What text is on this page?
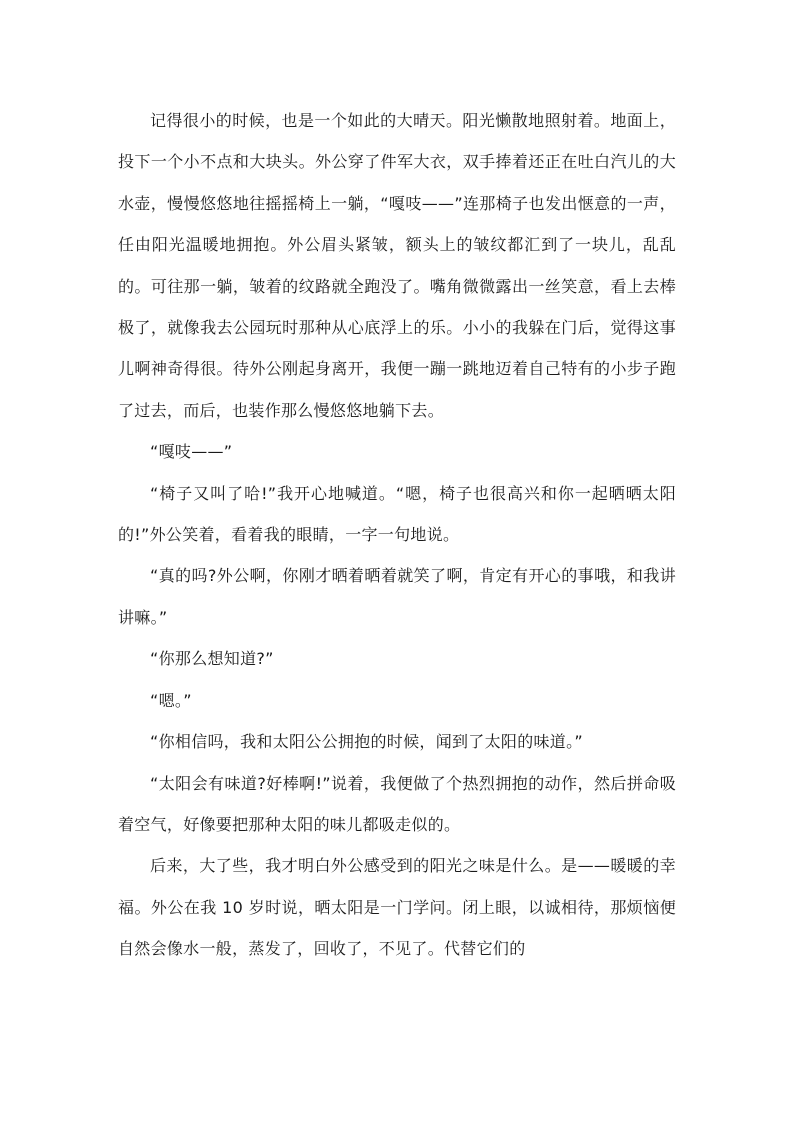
记得很小的时候，也是一个如此的大晴天。阳光懒散地照射着。地面上，投下一个小不点和大块头。外公穿了件军大衣，双手捧着还正在吐白汽儿的大水壶，慢慢悠悠地往摇摇椅上一躺，“嘎吱——”连那椅子也发出惬意的一声，任由阳光温暖地拥抱。外公眉头紧皱，额头上的皱纹都汇到了一块儿，乱乱的。可往那一躺，皱着的纹路就全跑没了。嘴角微微露出一丝笑意，看上去棒极了，就像我去公园玩时那种从心底浮上的乐。小小的我躲在门后，觉得这事儿啊神奇得很。待外公刚起身离开，我便一蹦一跳地迈着自己特有的小步子跑了过去，而后，也装作那么慢悠悠地躺下去。

“嘎吱——”

“椅子又叫了哈!”我开心地喊道。“嗯，椅子也很高兴和你一起晒晒太阳的!”外公笑着，看着我的眼睛，一字一句地说。

“真的吗?外公啊，你刚才晒着晒着就笑了啊，肯定有开心的事哦，和我讲讲嘛。”

“你那么想知道?”

“嗯。”

“你相信吗，我和太阳公公拥抱的时候，闻到了太阳的味道。”

“太阳会有味道?好棒啊!”说着，我便做了个热烈拥抱的动作，然后拼命吸着空气，好像要把那种太阳的味儿都吸走似的。

后来，大了些，我才明白外公感受到的阳光之味是什么。是——暖暖的幸福。外公在我 10 岁时说，晒太阳是一门学问。闭上眼，以诚相待，那烦恼便自然会像水一般，蒸发了，回收了，不见了。代替它们的
